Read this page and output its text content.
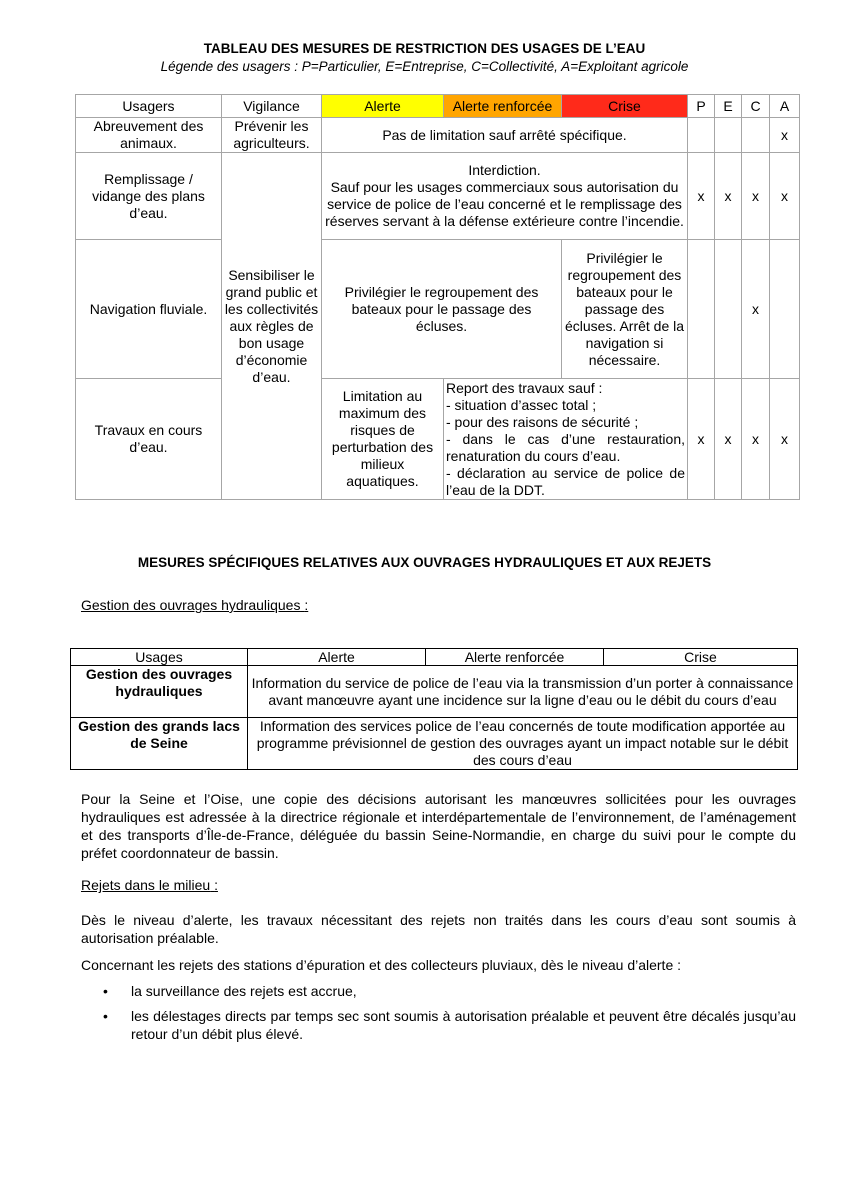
TABLEAU DES MESURES DE RESTRICTION DES USAGES DE L’EAU
Légende des usagers : P=Particulier, E=Entreprise, C=Collectivité, A=Exploitant agricole
Usagers	Vigilance	Alerte	Alerte renforcée	Crise	P	E	C	A
Abreuvement des animaux.	Prévenir les agriculteurs.	Pas de limitation sauf arrêté spécifique.						x
Remplissage / vidange des plans d’eau.	Sensibiliser le grand public et les collectivités aux règles de bon usage d’économie d’eau.	Interdiction.
Sauf pour les usages commerciaux sous autorisation du service de police de l’eau concerné et le remplissage des réserves servant à la défense extérieure contre l’incendie.			x	x	x	x
Navigation fluviale.		Privilégier le regroupement des bateaux pour le passage des écluses.		Privilégier le regroupement des bateaux pour le passage des écluses. Arrêt de la navigation si nécessaire.			x	
Travaux en cours d’eau.		Limitation au maximum des risques de perturbation des milieux aquatiques.	Report des travaux sauf :
- situation d’assec total ;
- pour des raisons de sécurité ;
- dans le cas d’une restauration, renaturation du cours d’eau.
- déclaration au service de police de l’eau de la DDT.		x	x	x	x
MESURES SPÉCIFIQUES RELATIVES AUX OUVRAGES HYDRAULIQUES ET AUX REJETS
Gestion des ouvrages hydrauliques :
Usages	Alerte	Alerte renforcée	Crise
Gestion des ouvrages hydrauliques	Information du service de police de l’eau via la transmission d’un porter à connaissance avant manœuvre ayant une incidence sur la ligne d’eau ou le débit du cours d’eau		
Gestion des grands lacs de Seine	Information des services police de l’eau concernés de toute modification apportée au programme prévisionnel de gestion des ouvrages ayant un impact notable sur le débit des cours d’eau		
Pour la Seine et l’Oise, une copie des décisions autorisant les manœuvres sollicitées pour les ouvrages hydrauliques est adressée à la directrice régionale et interdépartementale de l’environnement, de l’aménagement et des transports d’Île-de-France, déléguée du bassin Seine-Normandie, en charge du suivi pour le compte du préfet coordonnateur de bassin.
Rejets dans le milieu :
Dès le niveau d’alerte, les travaux nécessitant des rejets non traités dans les cours d’eau sont soumis à autorisation préalable.
Concernant les rejets des stations d’épuration et des collecteurs pluviaux, dès le niveau d’alerte :
• la surveillance des rejets est accrue,
• les délestages directs par temps sec sont soumis à autorisation préalable et peuvent être décalés jusqu’au retour d’un débit plus élevé.
